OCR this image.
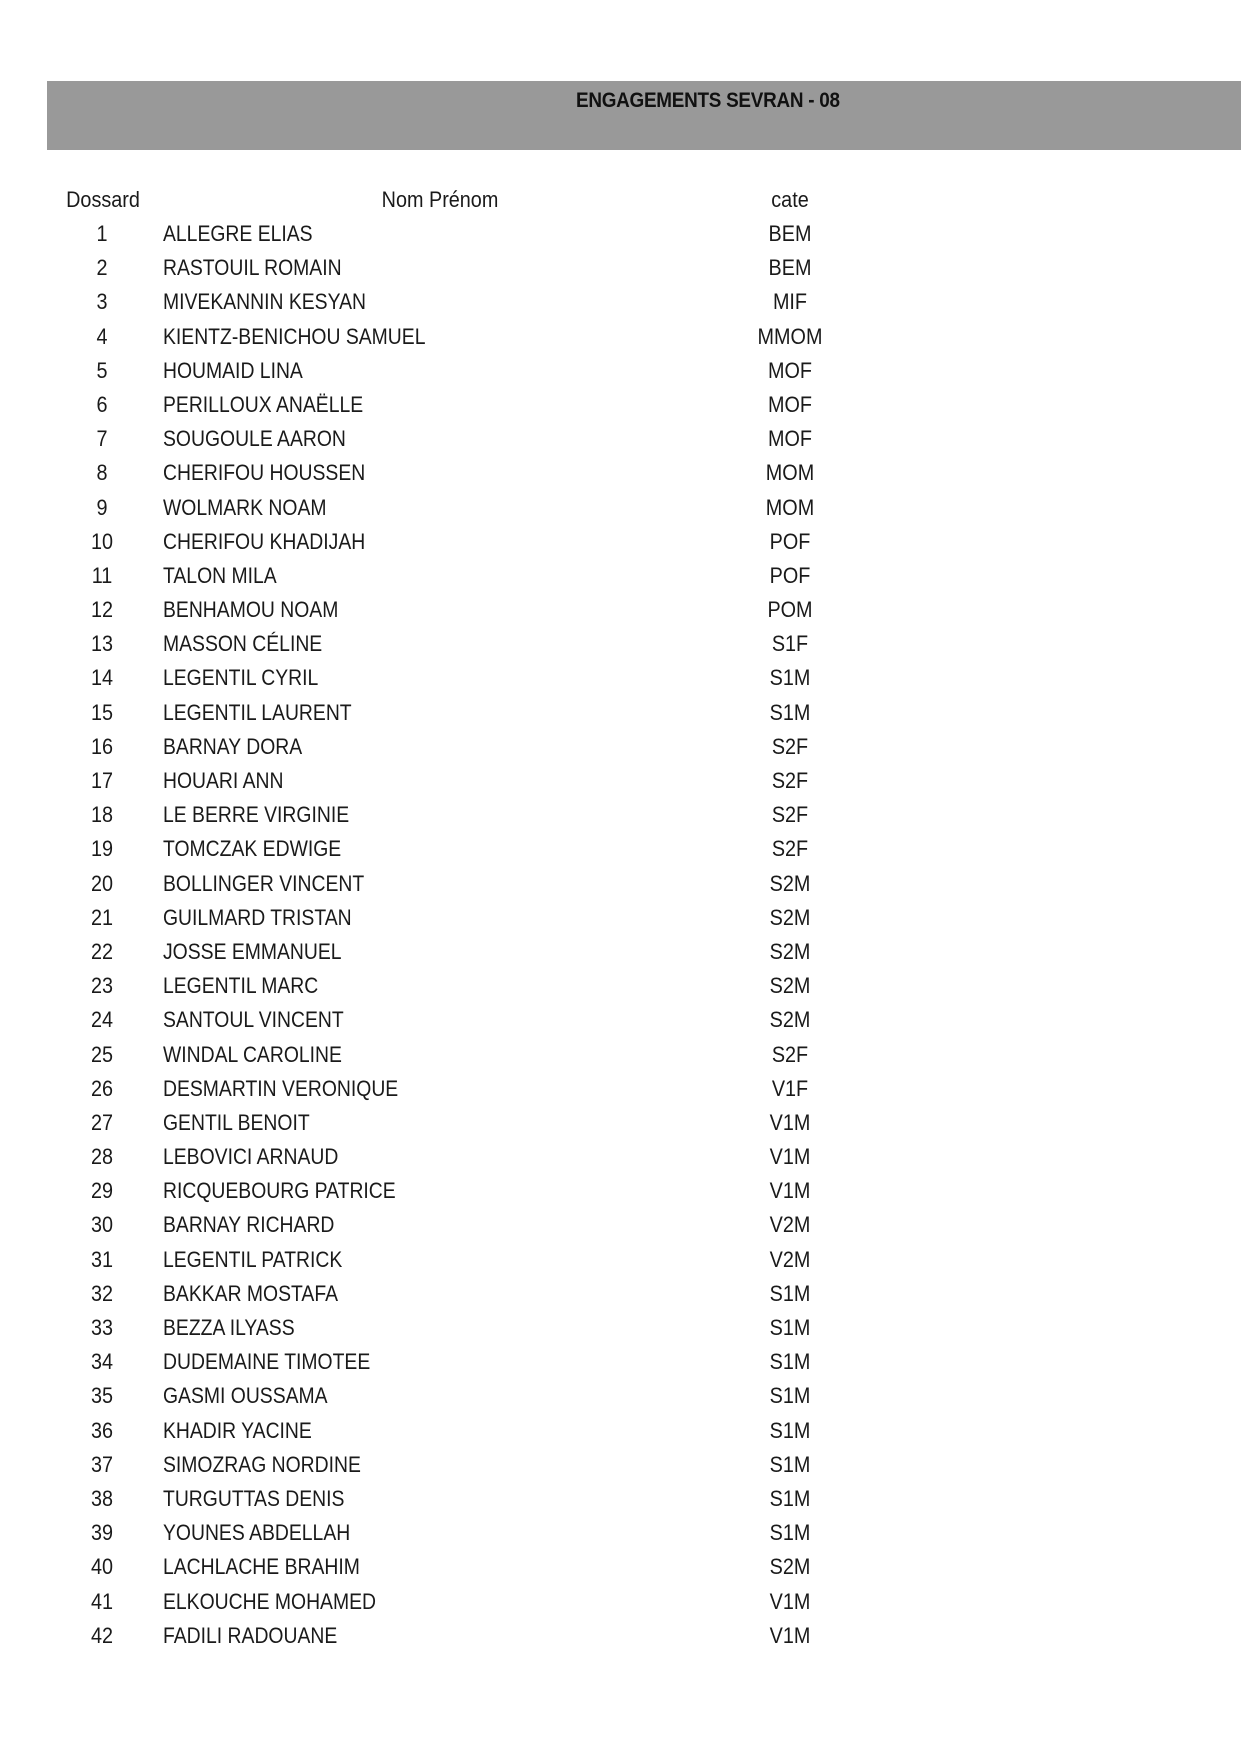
ENGAGEMENTS SEVRAN - 08
Dossard	Nom Prénom	cate
1	ALLEGRE ELIAS	BEM
2	RASTOUIL ROMAIN	BEM
3	MIVEKANNIN KESYAN	MIF
4	KIENTZ-BENICHOU SAMUEL	MMOM
5	HOUMAID LINA	MOF
6	PERILLOUX ANAËLLE	MOF
7	SOUGOULE AARON	MOF
8	CHERIFOU HOUSSEN	MOM
9	WOLMARK NOAM	MOM
10	CHERIFOU KHADIJAH	POF
11	TALON MILA	POF
12	BENHAMOU NOAM	POM
13	MASSON CÉLINE	S1F
14	LEGENTIL CYRIL	S1M
15	LEGENTIL LAURENT	S1M
16	BARNAY DORA	S2F
17	HOUARI ANN	S2F
18	LE BERRE VIRGINIE	S2F
19	TOMCZAK EDWIGE	S2F
20	BOLLINGER VINCENT	S2M
21	GUILMARD TRISTAN	S2M
22	JOSSE EMMANUEL	S2M
23	LEGENTIL MARC	S2M
24	SANTOUL VINCENT	S2M
25	WINDAL CAROLINE	S2F
26	DESMARTIN VERONIQUE	V1F
27	GENTIL BENOIT	V1M
28	LEBOVICI ARNAUD	V1M
29	RICQUEBOURG PATRICE	V1M
30	BARNAY RICHARD	V2M
31	LEGENTIL PATRICK	V2M
32	BAKKAR MOSTAFA	S1M
33	BEZZA ILYASS	S1M
34	DUDEMAINE TIMOTEE	S1M
35	GASMI OUSSAMA	S1M
36	KHADIR YACINE	S1M
37	SIMOZRAG NORDINE	S1M
38	TURGUTTAS DENIS	S1M
39	YOUNES ABDELLAH	S1M
40	LACHLACHE BRAHIM	S2M
41	ELKOUCHE MOHAMED	V1M
42	FADILI RADOUANE	V1M
